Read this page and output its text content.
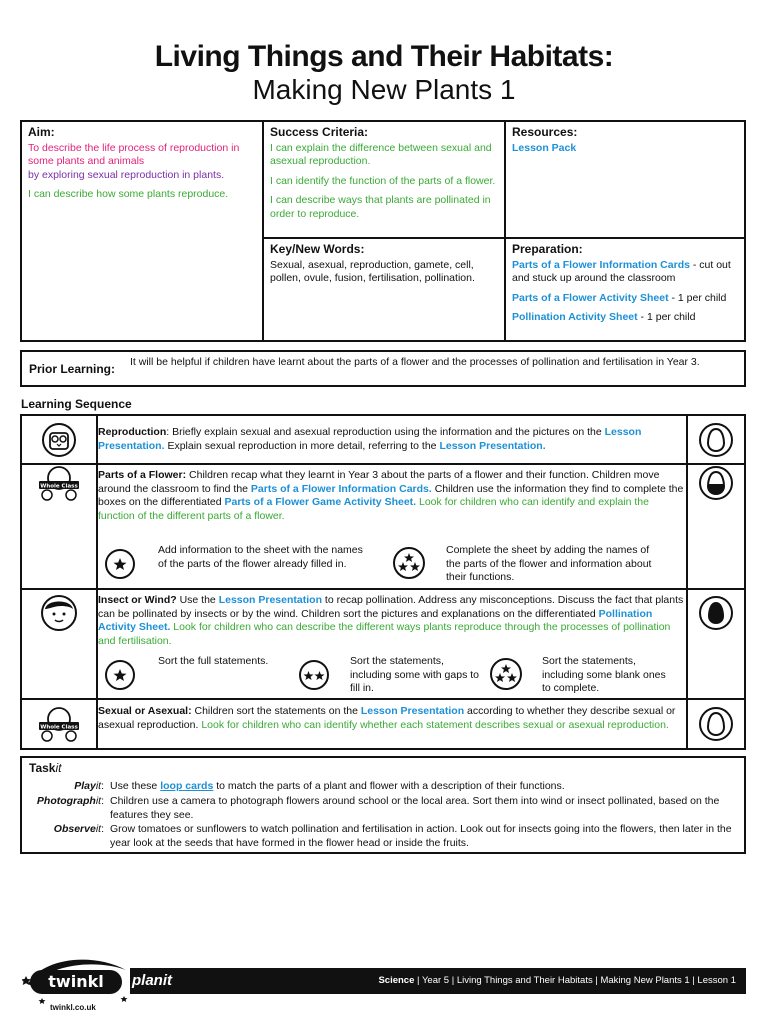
Living Things and Their Habitats:
Making New Plants 1
Aim:
To describe the life process of reproduction in some plants and animals
by exploring sexual reproduction in plants.
I can describe how some plants reproduce.
Success Criteria:

I can explain the difference between sexual and asexual reproduction.

I can identify the function of the parts of a flower.

I can describe ways that plants are pollinated in order to reproduce.

Resources:
Lesson Pack
Key/New Words:
Sexual, asexual, reproduction, gamete, cell, pollen, ovule, fusion, fertilisation, pollination.
Preparation:

Parts of a Flower Information Cards - cut out and stuck up around the classroom

Parts of a Flower Activity Sheet - 1 per child

Pollination Activity Sheet - 1 per child

Prior Learning: It will be helpful if children have learnt about the parts of a flower and the processes of pollination and fertilisation in Year 3.
Learning Sequence
Reproduction: Briefly explain sexual and asexual reproduction using the information and the pictures on the Lesson Presentation. Explain sexual reproduction in more detail, referring to the Lesson Presentation.
Whole Class
Parts of a Flower: Children recap what they learnt in Year 3 about the parts of a flower and their function. Children move around the classroom to find the Parts of a Flower Information Cards. Children use the information they find to complete the boxes on the differentiated Parts of a Flower Game Activity Sheet. Look for children who can identify and explain the function of the different parts of a flower.
Add information to the sheet with the names of the parts of the flower already filled in.
Complete the sheet by adding the names of the parts of the flower and information about their functions.
Insect or Wind? Use the Lesson Presentation to recap pollination. Address any misconceptions. Discuss the fact that plants can be pollinated by insects or by the wind. Children sort the pictures and explanations on the differentiated Pollination Activity Sheet. Look for children who can describe the different ways plants reproduce through the processes of pollination and fertilisation.
Sort the full statements.	Sort the statements, including some with gaps to fill in.
Sort the statements, including some blank ones to complete.
Whole Class
Sexual or Asexual: Children sort the statements on the Lesson Presentation according to whether they describe sexual or asexual reproduction. Look for children who can identify whether each statement describes sexual or asexual reproduction.
Taskit
Playit: Use these loop cards to match the parts of a plant and flower with a description of their functions.
Photographit: Children use a camera to photograph flowers around school or the local area. Sort them into wind or insect pollinated, based on the features they see.
Observeit: Grow tomatoes or sunflowers to watch pollination and fertilisation in action. Look out for insects going into the flowers, then later in the year look at the seeds that have formed in the flower head or inside the fruits.
Science | Year 5 | Living Things and Their Habitats | Making New Plants 1 | Lesson 1
planit
twinkl
twinkl.co.uk
